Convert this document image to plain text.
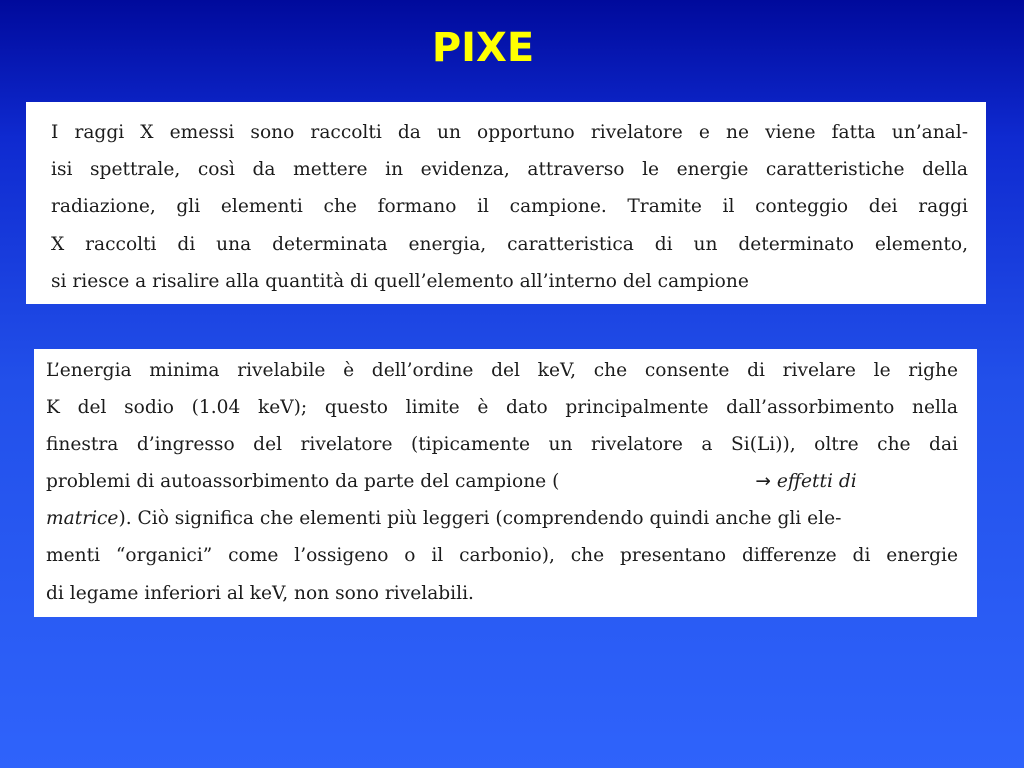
PIXE
I raggi X emessi sono raccolti da un opportuno rivelatore e ne viene fatta un’anal-
isi spettrale, così da mettere in evidenza, attraverso le energie caratteristiche della
radiazione, gli elementi che formano il campione. Tramite il conteggio dei raggi
X raccolti di una determinata energia, caratteristica di un determinato elemento,
si riesce a risalire alla quantità di quell’elemento all’interno del campione
L’energia minima rivelabile è dell’ordine del keV, che consente di rivelare le righe
K del sodio (1.04 keV); questo limite è dato principalmente dall’assorbimento nella
finestra d’ingresso del rivelatore (tipicamente un rivelatore a Si(Li)), oltre che dai
problemi di autoassorbimento da parte del campione (	→ effetti di
matrice). Ciò significa che elementi più leggeri (comprendendo quindi anche gli ele-
menti “organici” come l’ossigeno o il carbonio), che presentano differenze di energie
di legame inferiori al keV, non sono rivelabili.
